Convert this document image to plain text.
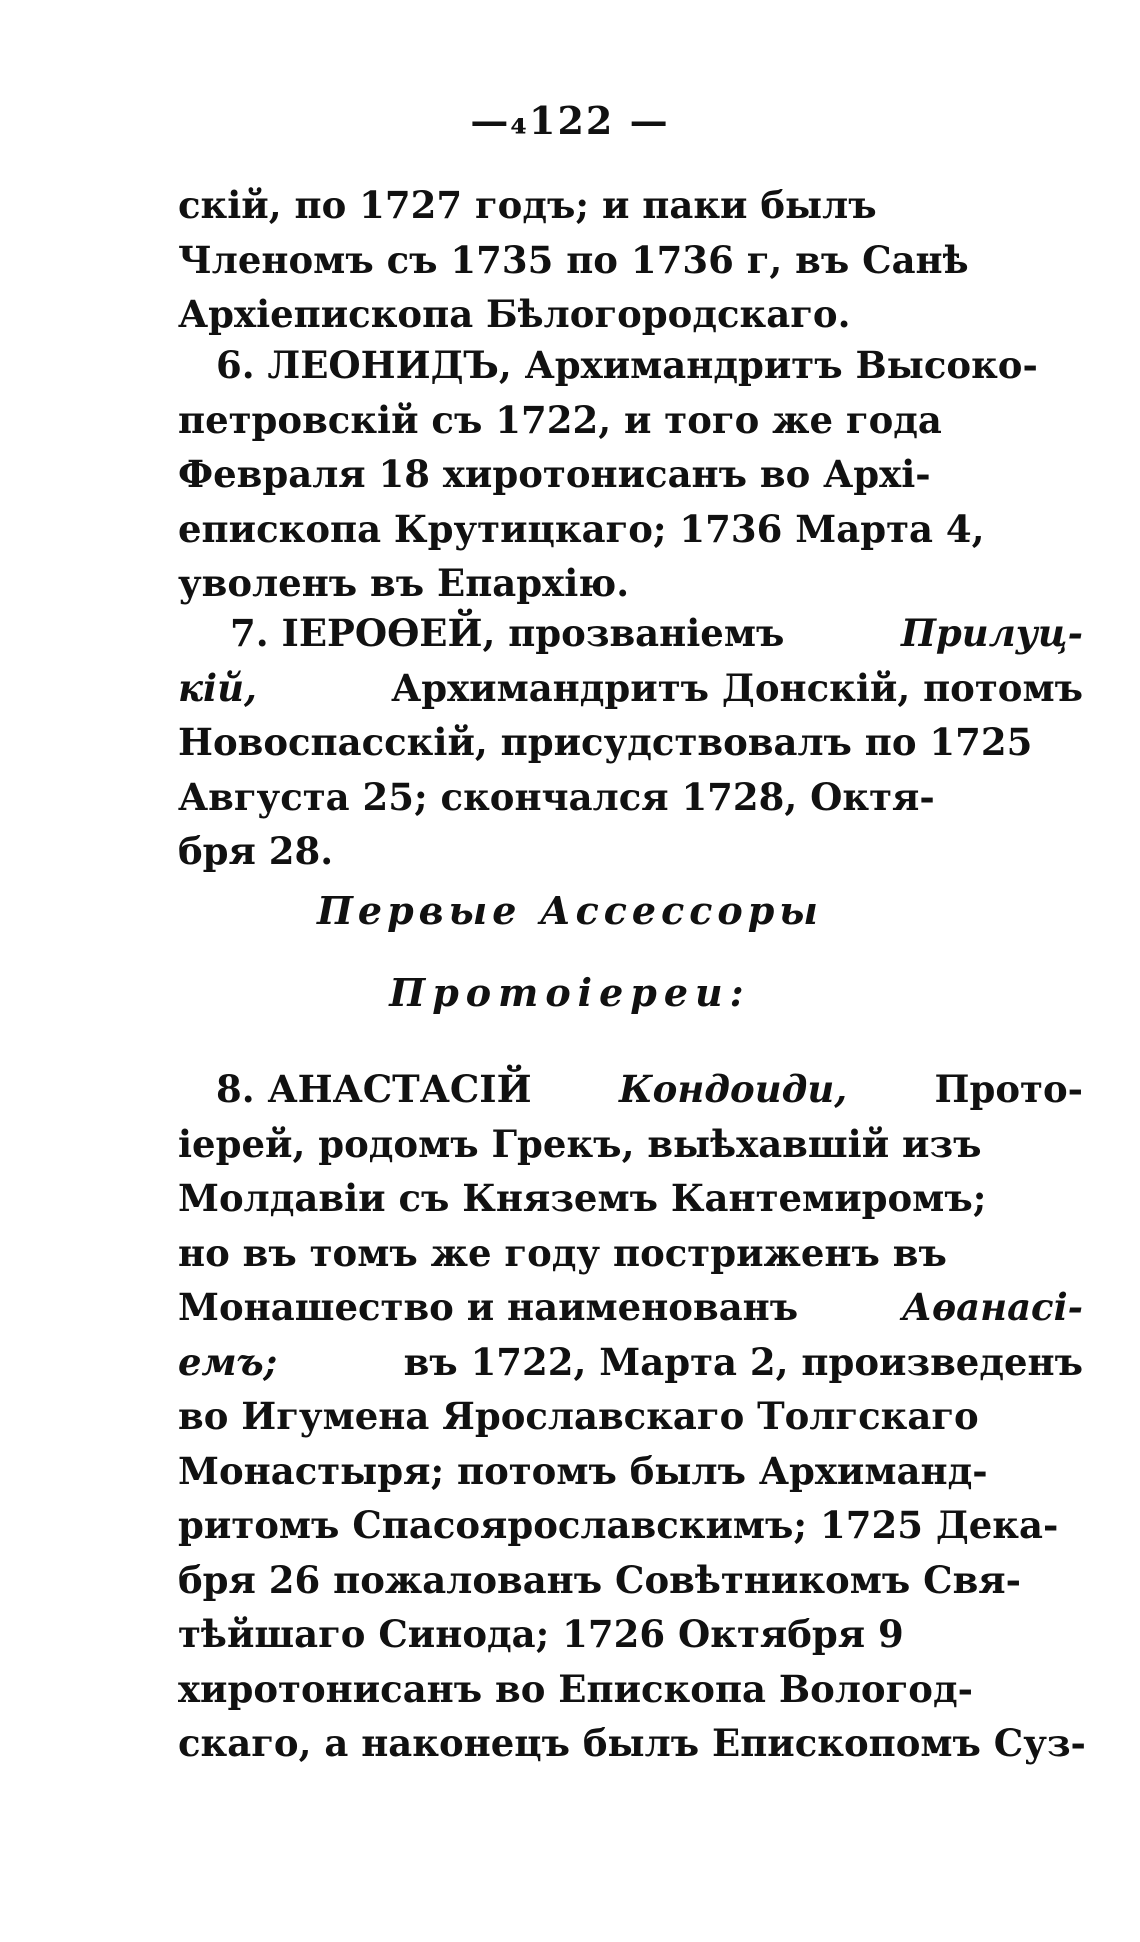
—₄122 —
скій, по 1727 годъ; и паки былъ
Членомъ съ 1735 по 1736 г, въ Санѣ
Архіепископа Бѣлогородскаго.
6. ЛЕОНИДЪ, Архимандритъ Высоко-
петровскій съ 1722, и того же года
Февраля 18 хиротонисанъ во Архі-
епископа Крутицкаго; 1736 Марта 4,
уволенъ въ Епархію.
7. ІЕРОѲЕЙ, прозваніемъ	Прилуц-
кій,	Архимандритъ Донскій, потомъ
Новоспасскій, присудствовалъ по 1725
Августа 25; скончался 1728, Октя-
бря 28.
Первые Ассессоры
Протоіереи:
8. АНАСТАСІЙ Кондоиди, Прото-
іерей, родомъ Грекъ, выѣхавшій изъ
Молдавіи съ Княземъ Кантемиромъ;
но въ томъ же году постриженъ въ
Монашество и наименованъ	Аѳанасі-
емъ;	въ 1722, Марта 2, произведенъ
во Игумена Ярославскаго Толгскаго
Монастыря; потомъ былъ Архиманд-
ритомъ Спасоярославскимъ; 1725 Дека-
бря 26 пожалованъ Совѣтникомъ Свя-
тѣйшаго Синода; 1726 Октября 9
хиротонисанъ во Епископа Вологод-
скаго, а наконецъ былъ Епископомъ Суз-
